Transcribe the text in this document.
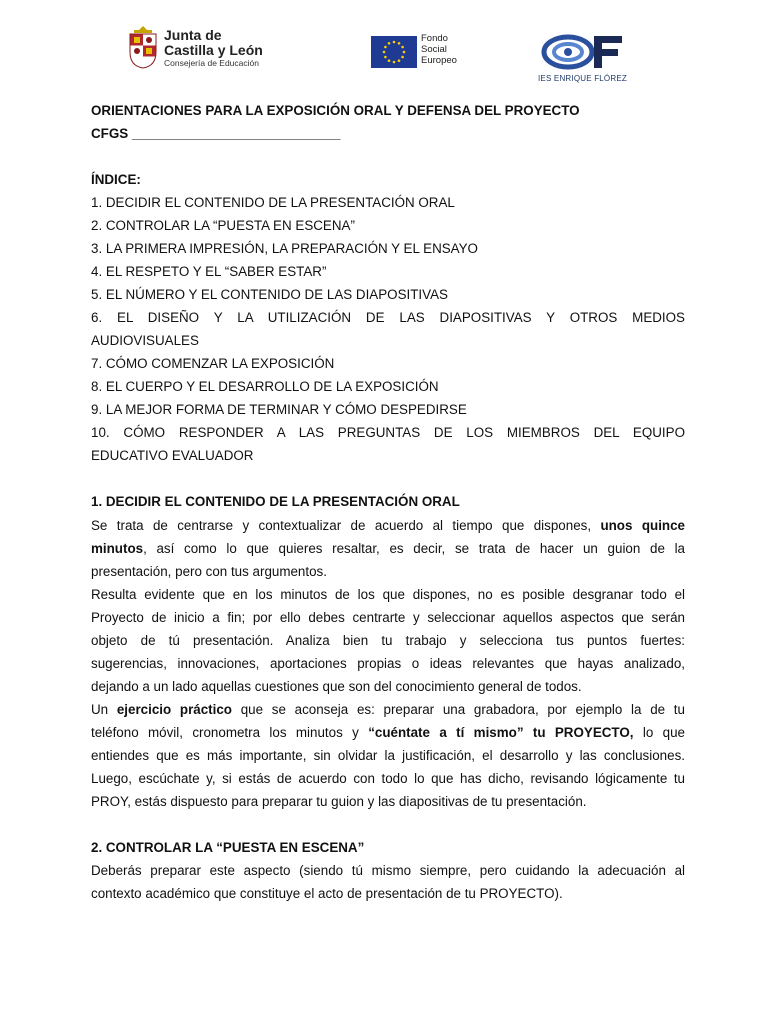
Junta de
Castilla y León
Consejería de Educación
Fondo
Social
Europeo
IES ENRIQUE FLÓREZ
ORIENTACIONES PARA LA EXPOSICIÓN ORAL Y DEFENSA DEL PROYECTO
CFGS ____________________________
ÍNDICE:
1. DECIDIR EL CONTENIDO DE LA PRESENTACIÓN ORAL
2. CONTROLAR LA “PUESTA EN ESCENA”
3. LA PRIMERA IMPRESIÓN, LA PREPARACIÓN Y EL ENSAYO
4. EL RESPETO Y EL “SABER ESTAR”
5. EL NÚMERO Y EL CONTENIDO DE LAS DIAPOSITIVAS
6. EL DISEÑO Y LA UTILIZACIÓN DE LAS DIAPOSITIVAS Y OTROS MEDIOS
AUDIOVISUALES
7. CÓMO COMENZAR LA EXPOSICIÓN
8. EL CUERPO Y EL DESARROLLO DE LA EXPOSICIÓN
9. LA MEJOR FORMA DE TERMINAR Y CÓMO DESPEDIRSE
10. CÓMO RESPONDER A LAS PREGUNTAS DE LOS MIEMBROS DEL EQUIPO
EDUCATIVO EVALUADOR
1. DECIDIR EL CONTENIDO DE LA PRESENTACIÓN ORAL
Se trata de centrarse y contextualizar de acuerdo al tiempo que dispones, unos quince
minutos, así como lo que quieres resaltar, es decir, se trata de hacer un guion de la
presentación, pero con tus argumentos.
Resulta evidente que en los minutos de los que dispones, no es posible desgranar todo el
Proyecto de inicio a fin; por ello debes centrarte y seleccionar aquellos aspectos que serán
objeto de tú presentación. Analiza bien tu trabajo y selecciona tus puntos fuertes:
sugerencias, innovaciones, aportaciones propias o ideas relevantes que hayas analizado,
dejando a un lado aquellas cuestiones que son del conocimiento general de todos.
Un ejercicio práctico que se aconseja es: preparar una grabadora, por ejemplo la de tu
teléfono móvil, cronometra los minutos y “cuéntate a tí mismo” tu PROYECTO, lo que
entiendes que es más importante, sin olvidar la justificación, el desarrollo y las conclusiones.
Luego, escúchate y, si estás de acuerdo con todo lo que has dicho, revisando lógicamente tu
PROY, estás dispuesto para preparar tu guion y las diapositivas de tu presentación.
2. CONTROLAR LA “PUESTA EN ESCENA”
Deberás preparar este aspecto (siendo tú mismo siempre, pero cuidando la adecuación al
contexto académico que constituye el acto de presentación de tu PROYECTO).
